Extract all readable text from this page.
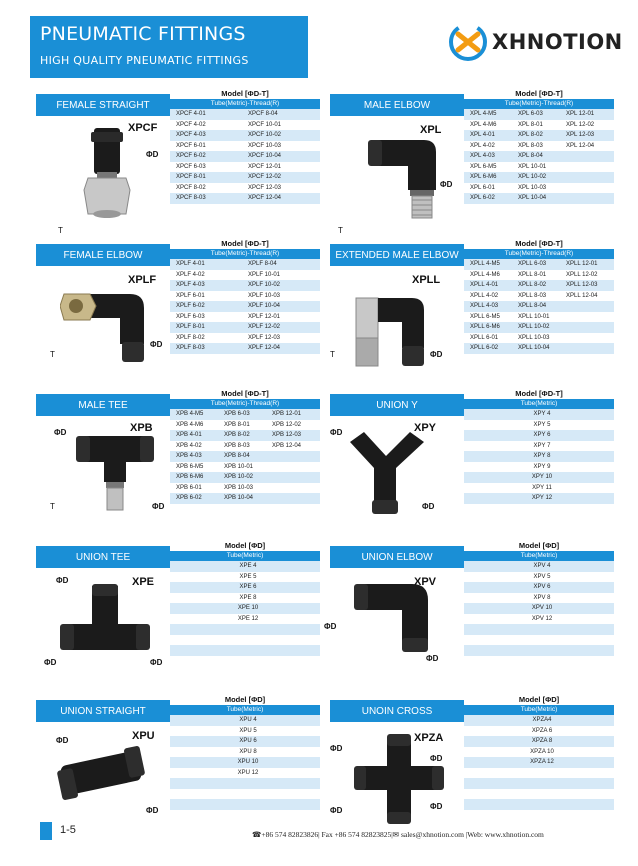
PNEUMATIC FITTINGS
HIGH QUALITY PNEUMATIC FITTINGS
XHNOTION
FEMALE STRAIGHT
XPCF
ΦD
T
Model [ΦD-T]
Tube(Metric)-Thread(R)
XPCF 4-01	XPCF 8-04
XPCF 4-02	XPCF 10-01
XPCF 4-03	XPCF 10-02
XPCF 6-01	XPCF 10-03
XPCF 6-02	XPCF 10-04
XPCF 6-03	XPCF 12-01
XPCF 8-01	XPCF 12-02
XPCF 8-02	XPCF 12-03
XPCF 8-03	XPCF 12-04
MALE ELBOW
XPL
ΦD
T
Model [ΦD-T]
Tube(Metric)-Thread(R)
XPL 4-M5	XPL 6-03	XPL 12-01
XPL 4-M6	XPL 8-01	XPL 12-02
XPL 4-01	XPL 8-02	XPL 12-03
XPL 4-02	XPL 8-03	XPL 12-04
XPL 4-03	XPL 8-04
XPL 6-M5	XPL 10-01
XPL 6-M6	XPL 10-02
XPL 6-01	XPL 10-03
XPL 6-02	XPL 10-04
FEMALE ELBOW
XPLF
ΦD
T
Model [ΦD-T]
Tube(Metric)-Thread(R)
XPLF 4-01	XPLF 8-04
XPLF 4-02	XPLF 10-01
XPLF 4-03	XPLF 10-02
XPLF 6-01	XPLF 10-03
XPLF 6-02	XPLF 10-04
XPLF 6-03	XPLF 12-01
XPLF 8-01	XPLF 12-02
XPLF 8-02	XPLF 12-03
XPLF 8-03	XPLF 12-04
EXTENDED MALE ELBOW
XPLL
ΦD
T
Model [ΦD-T]
Tube(Metric)-Thread(R)
XPLL 4-M5	XPLL 6-03	XPLL 12-01
XPLL 4-M6	XPLL 8-01	XPLL 12-02
XPLL 4-01	XPLL 8-02	XPLL 12-03
XPLL 4-02	XPLL 8-03	XPLL 12-04
XPLL 4-03	XPLL 8-04
XPLL 6-M5	XPLL 10-01
XPLL 6-M6	XPLL 10-02
XPLL 6-01	XPLL 10-03
XPLL 6-02	XPLL 10-04
MALE TEE
XPB
ΦD
ΦD
T
Model [ΦD-T]
Tube(Metric)-Thread(R)
XPB 4-M5	XPB 6-03	XPB 12-01
XPB 4-M6	XPB 8-01	XPB 12-02
XPB 4-01	XPB 8-02	XPB 12-03
XPB 4-02	XPB 8-03	XPB 12-04
XPB 4-03	XPB 8-04
XPB 6-M5	XPB 10-01
XPB 6-M6	XPB 10-02
XPB 6-01	XPB 10-03
XPB 6-02	XPB 10-04
UNION Y
XPY
ΦD
ΦD
Model [ΦD-T]
Tube(Metric)
XPY 4
XPY 5
XPY 6
XPY 7
XPY 8
XPY 9
XPY 10
XPY 11
XPY 12
UNION TEE
XPE
ΦD
ΦD	ΦD
Model [ΦD]
Tube(Metric)
XPE 4
XPE 5
XPE 6
XPE 8
XPE 10
XPE 12
UNION ELBOW
XPV
ΦD
ΦD
Model [ΦD]
Tube(Metric)
XPV 4
XPV 5
XPV 6
XPV 8
XPV 10
XPV 12
UNION STRAIGHT
XPU
ΦD
ΦD
Model [ΦD]
Tube(Metric)
XPU 4
XPU 5
XPU 6
XPU 8
XPU 10
XPU 12
UNOIN CROSS
XPZA
ΦD
ΦD
ΦD	ΦD
Model [ΦD]
Tube(Metric)
XPZA4
XPZA 6
XPZA 8
XPZA 10
XPZA 12
1-5	☎+86 574 82823826| Fax +86 574 82823825|✉ sales@xhnotion.com |Web: www.xhnotion.com
